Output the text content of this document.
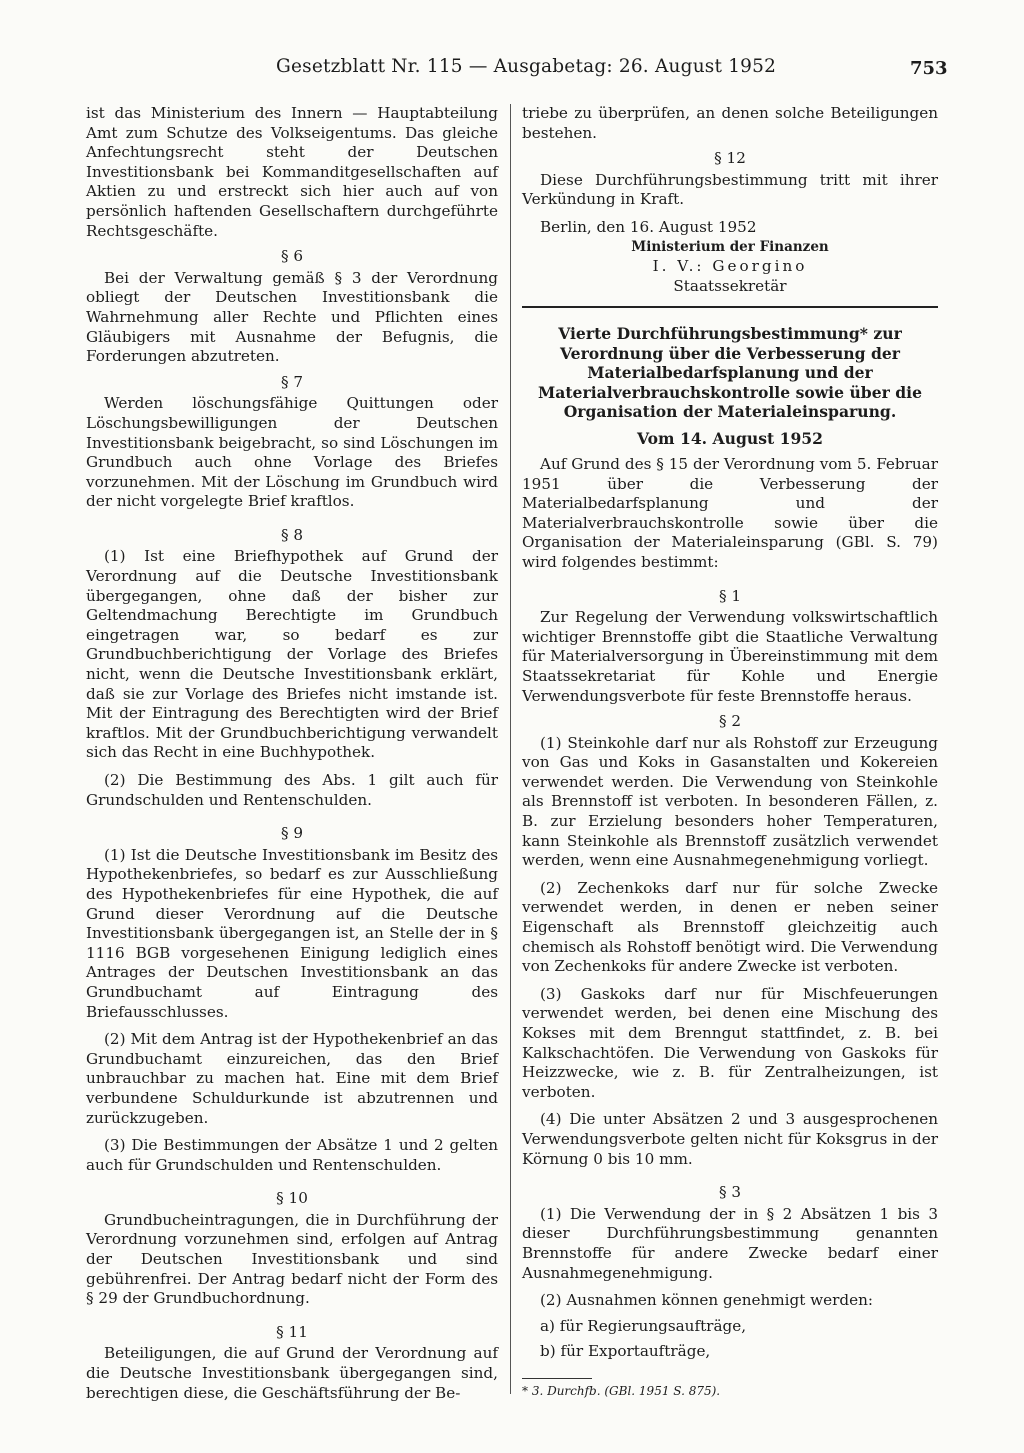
Gesetzblatt Nr. 115 — Ausgabetag: 26. August 1952	753

ist das Ministerium des Innern — Hauptabteilung Amt zum Schutze des Volkseigentums. Das gleiche Anfechtungsrecht steht der Deutschen Investitionsbank bei Kommanditgesellschaften auf Aktien zu und erstreckt sich hier auch auf von persönlich haftenden Gesellschaftern durchgeführte Rechtsgeschäfte.

§ 6

Bei der Verwaltung gemäß § 3 der Verordnung obliegt der Deutschen Investitionsbank die Wahrnehmung aller Rechte und Pflichten eines Gläubigers mit Ausnahme der Befugnis, die Forderungen abzutreten.

§ 7

Werden löschungsfähige Quittungen oder Löschungsbewilligungen der Deutschen Investitionsbank beigebracht, so sind Löschungen im Grundbuch auch ohne Vorlage des Briefes vorzunehmen. Mit der Löschung im Grundbuch wird der nicht vorgelegte Brief kraftlos.

§ 8

(1) Ist eine Briefhypothek auf Grund der Verordnung auf die Deutsche Investitionsbank übergegangen, ohne daß der bisher zur Geltendmachung Berechtigte im Grundbuch eingetragen war, so bedarf es zur Grundbuchberichtigung der Vorlage des Briefes nicht, wenn die Deutsche Investitionsbank erklärt, daß sie zur Vorlage des Briefes nicht imstande ist. Mit der Eintragung des Berechtigten wird der Brief kraftlos. Mit der Grundbuchberichtigung verwandelt sich das Recht in eine Buchhypothek.

(2) Die Bestimmung des Abs. 1 gilt auch für Grundschulden und Rentenschulden.

§ 9

(1) Ist die Deutsche Investitionsbank im Besitz des Hypothekenbriefes, so bedarf es zur Ausschließung des Hypothekenbriefes für eine Hypothek, die auf Grund dieser Verordnung auf die Deutsche Investitionsbank übergegangen ist, an Stelle der in § 1116 BGB vorgesehenen Einigung lediglich eines Antrages der Deutschen Investitionsbank an das Grundbuchamt auf Eintragung des Briefausschlusses.

(2) Mit dem Antrag ist der Hypothekenbrief an das Grundbuchamt einzureichen, das den Brief unbrauchbar zu machen hat. Eine mit dem Brief verbundene Schuldurkunde ist abzutrennen und zurückzugeben.

(3) Die Bestimmungen der Absätze 1 und 2 gelten auch für Grundschulden und Rentenschulden.

§ 10

Grundbucheintragungen, die in Durchführung der Verordnung vorzunehmen sind, erfolgen auf Antrag der Deutschen Investitionsbank und sind gebührenfrei. Der Antrag bedarf nicht der Form des § 29 der Grundbuchordnung.

§ 11

Beteiligungen, die auf Grund der Verordnung auf die Deutsche Investitionsbank übergegangen sind, berechtigen diese, die Geschäftsführung der Be-

triebe zu überprüfen, an denen solche Beteiligungen bestehen.

§ 12

Diese Durchführungsbestimmung tritt mit ihrer Verkündung in Kraft.

Berlin, den 16. August 1952

Ministerium der Finanzen

I. V.: Georgino

Staatssekretär

Vierte Durchführungsbestimmung* zur Verordnung über die Verbesserung der Materialbedarfsplanung und der Materialverbrauchskontrolle sowie über die Organisation der Materialeinsparung.

Vom 14. August 1952

Auf Grund des § 15 der Verordnung vom 5. Februar 1951 über die Verbesserung der Materialbedarfsplanung und der Materialverbrauchskontrolle sowie über die Organisation der Materialeinsparung (GBl. S. 79) wird folgendes bestimmt:

§ 1

Zur Regelung der Verwendung volkswirtschaftlich wichtiger Brennstoffe gibt die Staatliche Verwaltung für Materialversorgung in Übereinstimmung mit dem Staatssekretariat für Kohle und Energie Verwendungsverbote für feste Brennstoffe heraus.

§ 2

(1) Steinkohle darf nur als Rohstoff zur Erzeugung von Gas und Koks in Gasanstalten und Kokereien verwendet werden. Die Verwendung von Steinkohle als Brennstoff ist verboten. In besonderen Fällen, z. B. zur Erzielung besonders hoher Temperaturen, kann Steinkohle als Brennstoff zusätzlich verwendet werden, wenn eine Ausnahmegenehmigung vorliegt.

(2) Zechenkoks darf nur für solche Zwecke verwendet werden, in denen er neben seiner Eigenschaft als Brennstoff gleichzeitig auch chemisch als Rohstoff benötigt wird. Die Verwendung von Zechenkoks für andere Zwecke ist verboten.

(3) Gaskoks darf nur für Mischfeuerungen verwendet werden, bei denen eine Mischung des Kokses mit dem Brenngut stattfindet, z. B. bei Kalkschachtöfen. Die Verwendung von Gaskoks für Heizzwecke, wie z. B. für Zentralheizungen, ist verboten.

(4) Die unter Absätzen 2 und 3 ausgesprochenen Verwendungsverbote gelten nicht für Koksgrus in der Körnung 0 bis 10 mm.

§ 3

(1) Die Verwendung der in § 2 Absätzen 1 bis 3 dieser Durchführungsbestimmung genannten Brennstoffe für andere Zwecke bedarf einer Ausnahmegenehmigung.

(2) Ausnahmen können genehmigt werden:

a) für Regierungsaufträge,

b) für Exportaufträge,

* 3. Durchfb. (GBl. 1951 S. 875).
